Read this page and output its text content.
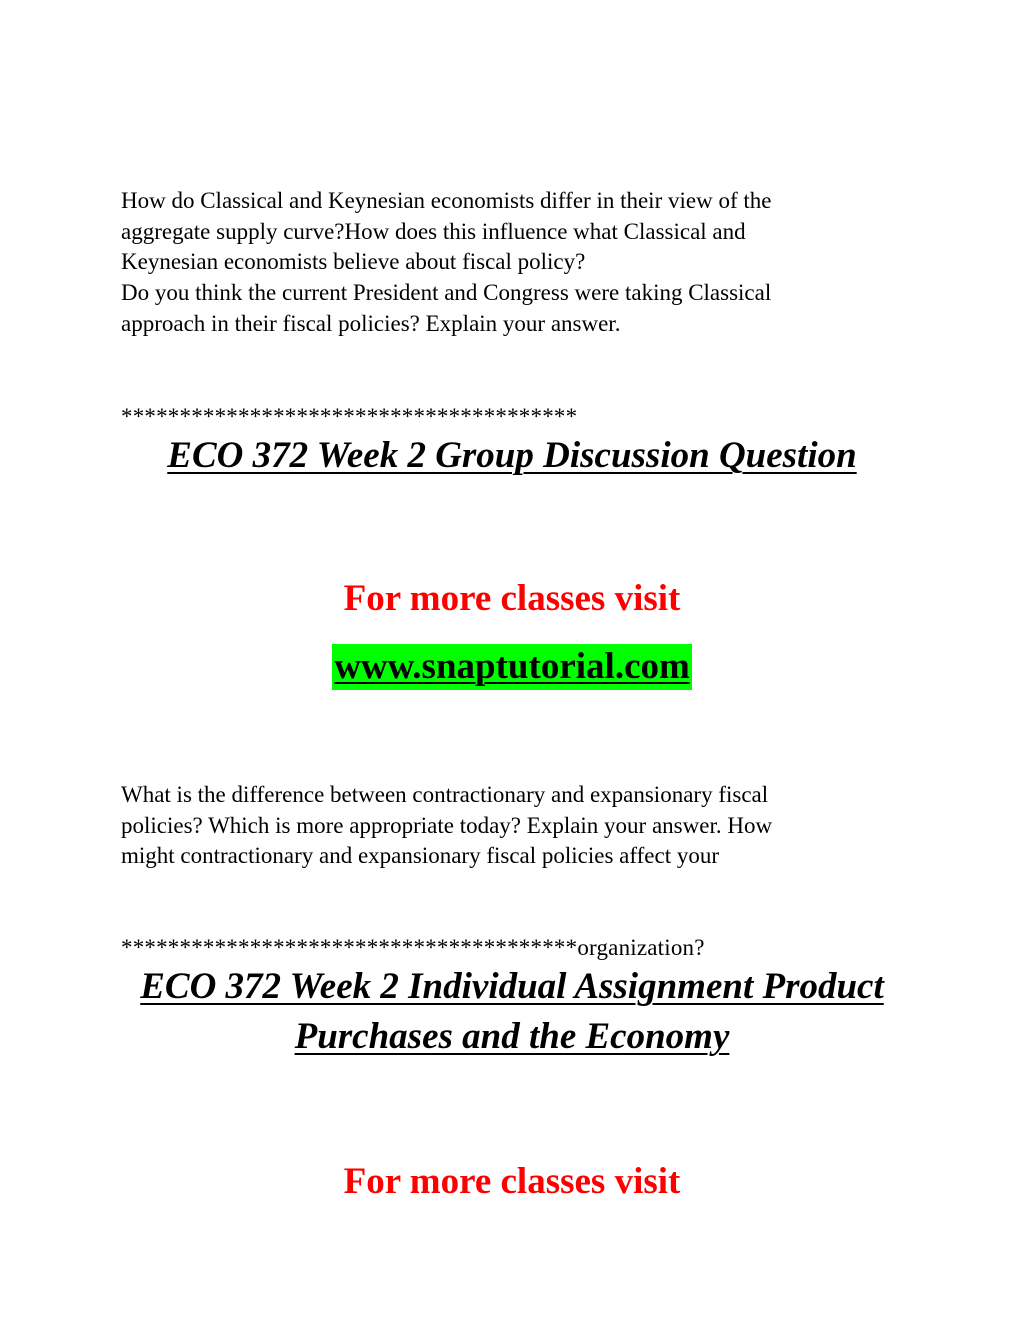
How do Classical and Keynesian economists differ in their view of the
aggregate supply curve?How does this influence what Classical and
Keynesian economists believe about fiscal policy?
Do you think the current President and Congress were taking Classical
approach in their fiscal policies? Explain your answer.
***************************************
ECO 372 Week 2 Group Discussion Question
For more classes visit
www.snaptutorial.com
What is the difference between contractionary and expansionary fiscal
policies? Which is more appropriate today? Explain your answer. How
might contractionary and expansionary fiscal policies affect your
***************************************organization?
ECO 372 Week 2 Individual Assignment Product
Purchases and the Economy
For more classes visit
